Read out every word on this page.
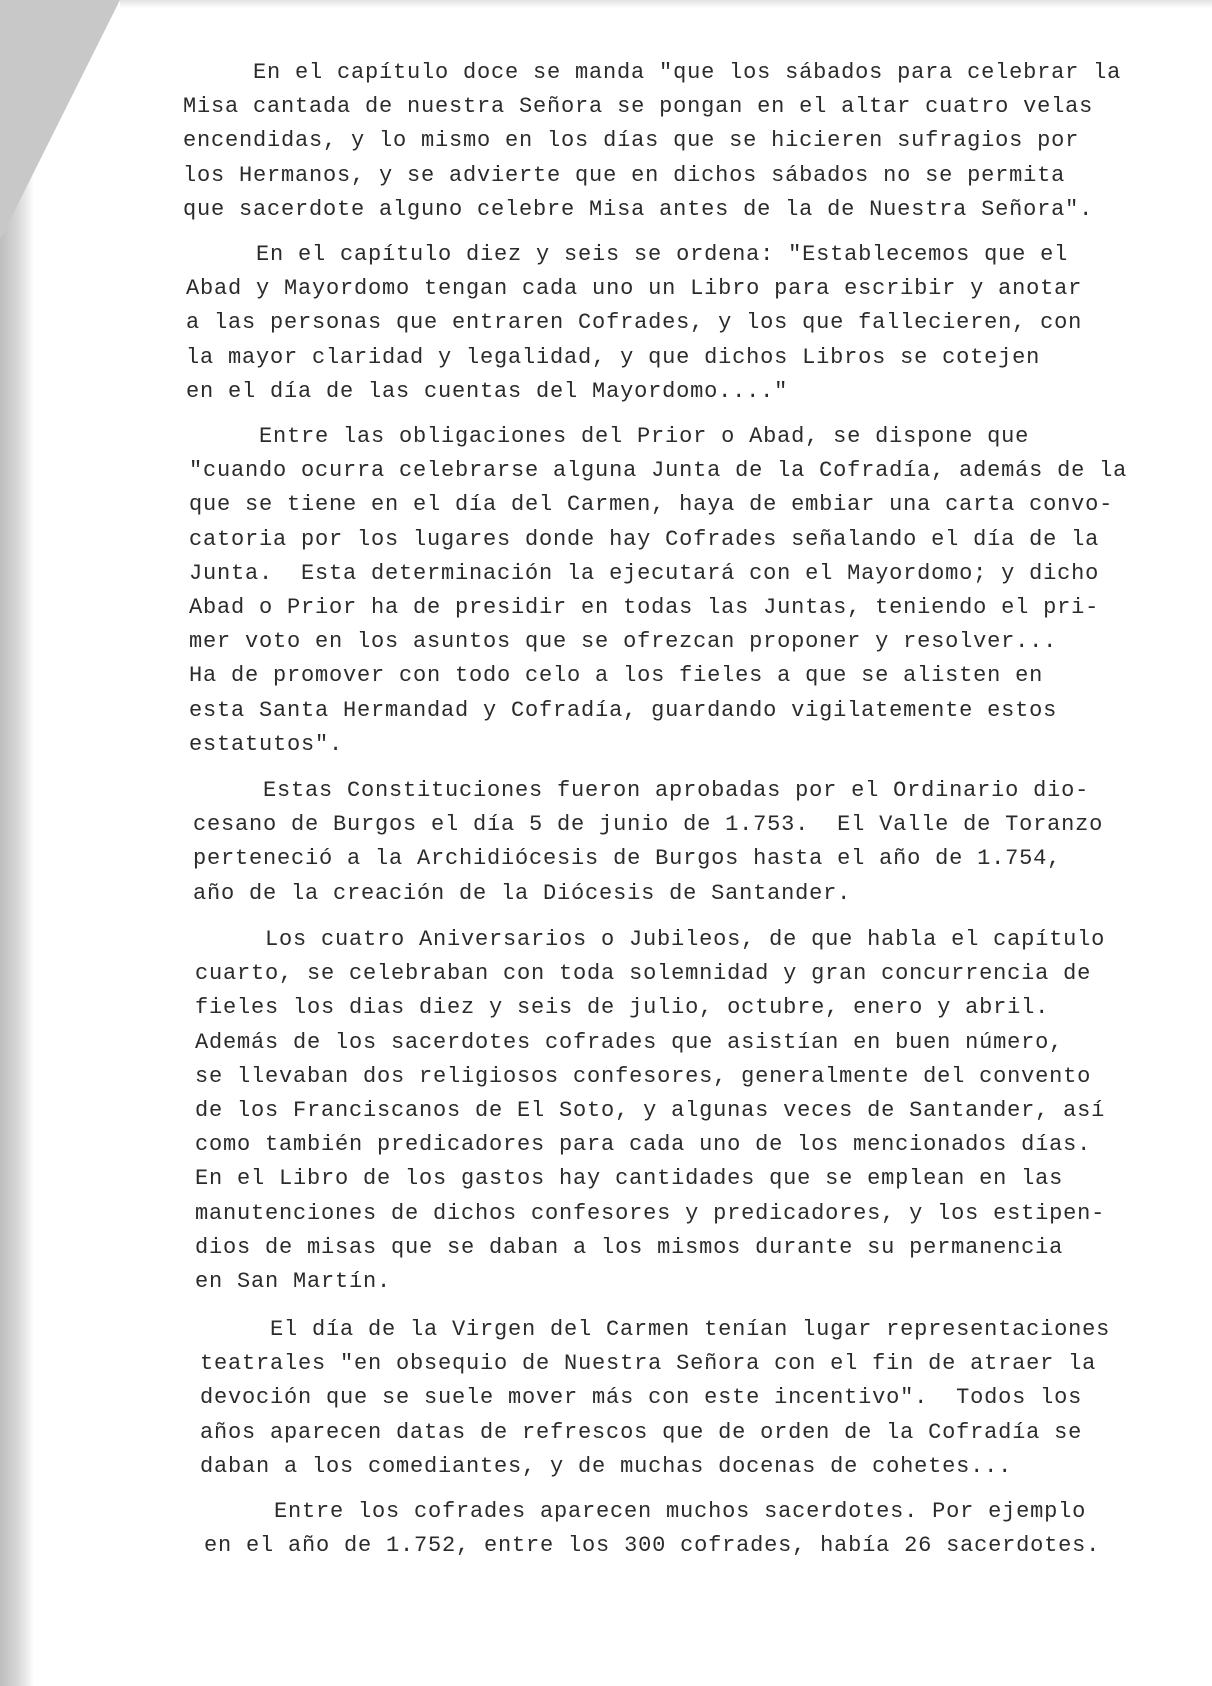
En el capítulo doce se manda "que los sábados para celebrar la
Misa cantada de nuestra Señora se pongan en el altar cuatro velas
encendidas, y lo mismo en los días que se hicieren sufragios por
los Hermanos, y se advierte que en dichos sábados no se permita
que sacerdote alguno celebre Misa antes de la de Nuestra Señora".
En el capítulo diez y seis se ordena: "Establecemos que el
Abad y Mayordomo tengan cada uno un Libro para escribir y anotar
a las personas que entraren Cofrades, y los que fallecieren, con
la mayor claridad y legalidad, y que dichos Libros se cotejen
en el día de las cuentas del Mayordomo...."
Entre las obligaciones del Prior o Abad, se dispone que
"cuando ocurra celebrarse alguna Junta de la Cofradía, además de la
que se tiene en el día del Carmen, haya de embiar una carta convo-
catoria por los lugares donde hay Cofrades señalando el día de la
Junta.  Esta determinación la ejecutará con el Mayordomo; y dicho
Abad o Prior ha de presidir en todas las Juntas, teniendo el pri-
mer voto en los asuntos que se ofrezcan proponer y resolver...
Ha de promover con todo celo a los fieles a que se alisten en
esta Santa Hermandad y Cofradía, guardando vigilatemente estos
estatutos".
Estas Constituciones fueron aprobadas por el Ordinario dio-
cesano de Burgos el día 5 de junio de 1.753.  El Valle de Toranzo
perteneció a la Archidiócesis de Burgos hasta el año de 1.754,
año de la creación de la Diócesis de Santander.
Los cuatro Aniversarios o Jubileos, de que habla el capítulo
cuarto, se celebraban con toda solemnidad y gran concurrencia de
fieles los dias diez y seis de julio, octubre, enero y abril.
Además de los sacerdotes cofrades que asistían en buen número,
se llevaban dos religiosos confesores, generalmente del convento
de los Franciscanos de El Soto, y algunas veces de Santander, así
como también predicadores para cada uno de los mencionados días.
En el Libro de los gastos hay cantidades que se emplean en las
manutenciones de dichos confesores y predicadores, y los estipen-
dios de misas que se daban a los mismos durante su permanencia
en San Martín.
El día de la Virgen del Carmen tenían lugar representaciones
teatrales "en obsequio de Nuestra Señora con el fin de atraer la
devoción que se suele mover más con este incentivo".  Todos los
años aparecen datas de refrescos que de orden de la Cofradía se
daban a los comediantes, y de muchas docenas de cohetes...
Entre los cofrades aparecen muchos sacerdotes. Por ejemplo
en el año de 1.752, entre los 300 cofrades, había 26 sacerdotes.
